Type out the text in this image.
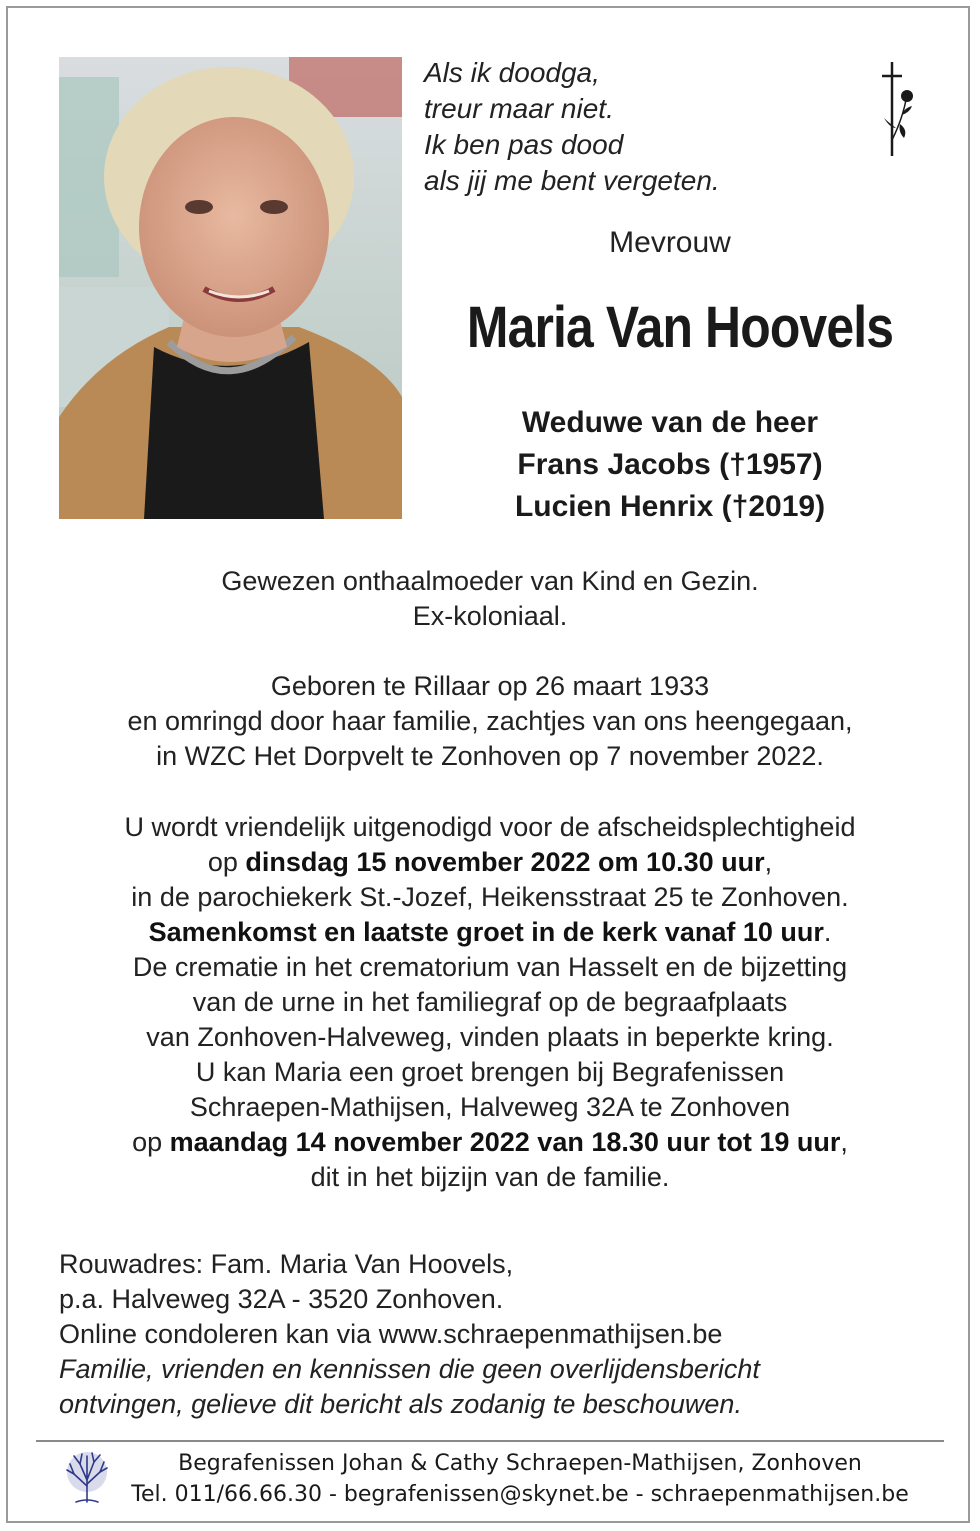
Als ik doodga,
treur maar niet.
Ik ben pas dood
als jij me bent vergeten.
Mevrouw
Maria Van Hoovels
Weduwe van de heer
Frans Jacobs (†1957)
Lucien Henrix (†2019)
Gewezen onthaalmoeder van Kind en Gezin.
Ex-koloniaal.
Geboren te Rillaar op 26 maart 1933
en omringd door haar familie, zachtjes van ons heengegaan,
in WZC Het Dorpvelt te Zonhoven op 7 november 2022.
U wordt vriendelijk uitgenodigd voor de afscheidsplechtigheid
op dinsdag 15 november 2022 om 10.30 uur,
in de parochiekerk St.-Jozef, Heikensstraat 25 te Zonhoven.
Samenkomst en laatste groet in de kerk vanaf 10 uur.
De crematie in het crematorium van Hasselt en de bijzetting
van de urne in het familiegraf op de begraafplaats
van Zonhoven-Halveweg, vinden plaats in beperkte kring.
U kan Maria een groet brengen bij Begrafenissen
Schraepen-Mathijsen, Halveweg 32A te Zonhoven
op maandag 14 november 2022 van 18.30 uur tot 19 uur,
dit in het bijzijn van de familie.
Rouwadres: Fam. Maria Van Hoovels,
p.a. Halveweg 32A - 3520 Zonhoven.
Online condoleren kan via www.schraepenmathijsen.be
Familie, vrienden en kennissen die geen overlijdensbericht
ontvingen, gelieve dit bericht als zodanig te beschouwen.
Begrafenissen Johan & Cathy Schraepen-Mathijsen, Zonhoven
Tel. 011/66.66.30 - begrafenissen@skynet.be - schraepenmathijsen.be
